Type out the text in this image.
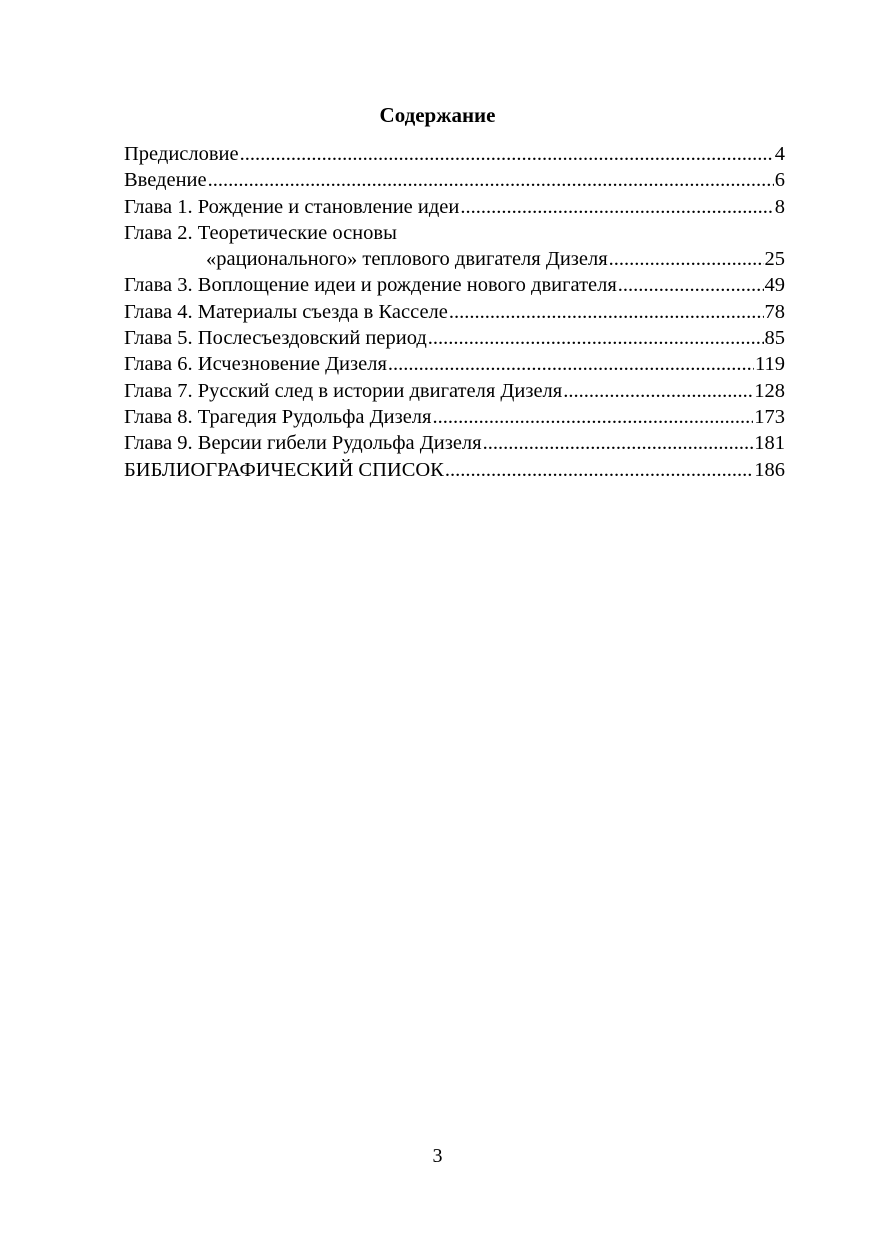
Содержание
Предисловие .....	4
Введение .....	6
Глава 1. Рождение и становление идеи .....	8
Глава 2. Теоретические основы
«рационального» теплового двигателя Дизеля .....	25
Глава 3. Воплощение идеи и рождение нового двигателя .....	49
Глава 4. Материалы съезда в Касселе .....	78
Глава 5. Послесъездовский период .....	85
Глава 6. Исчезновение Дизеля .....	119
Глава 7. Русский след в истории двигателя Дизеля .....	128
Глава 8. Трагедия Рудольфа Дизеля .....	173
Глава 9. Версии гибели Рудольфа Дизеля .....	181
БИБЛИОГРАФИЧЕСКИЙ СПИСОК .....	186
3
